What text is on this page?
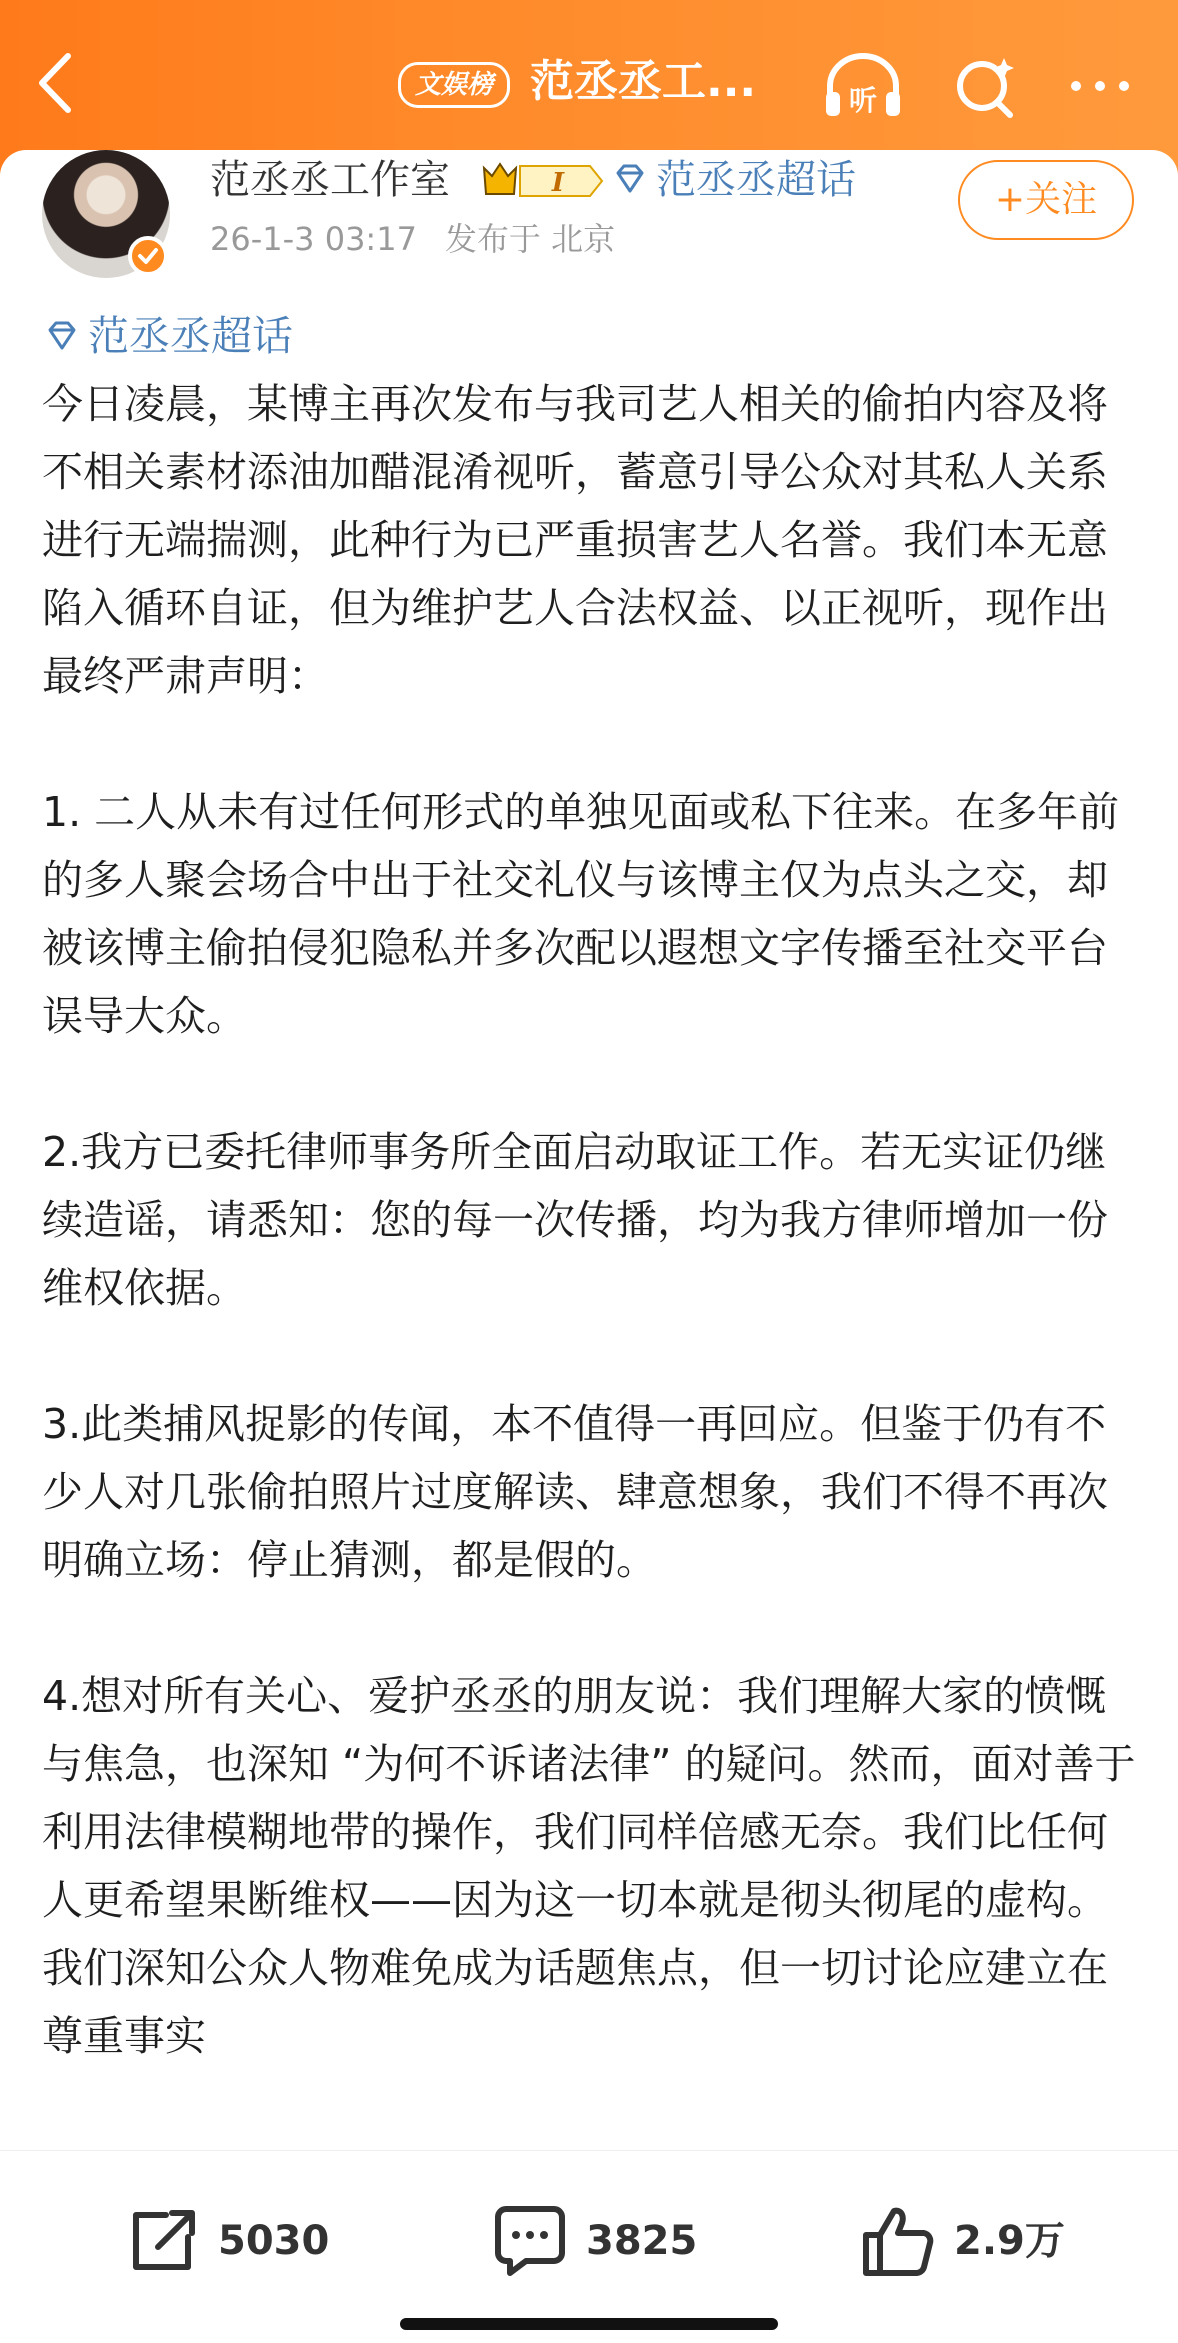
文娱榜 范丞丞工...	听
范丞丞工作室	I	范丞丞超话
26-1-3 03:17 发布于 北京
+关注

范丞丞超话

今日凌晨，某博主再次发布与我司艺人相关的偷拍内容及将不相关素材添油加醋混淆视听，蓄意引导公众对其私人关系进行无端揣测，此种行为已严重损害艺人名誉。我们本无意陷入循环自证，但为维护艺人合法权益、以正视听，现作出最终严肃声明：

1. 二人从未有过任何形式的单独见面或私下往来。在多年前的多人聚会场合中出于社交礼仪与该博主仅为点头之交，却被该博主偷拍侵犯隐私并多次配以遐想文字传播至社交平台误导大众。

2.我方已委托律师事务所全面启动取证工作。若无实证仍继续造谣，请悉知：您的每一次传播，均为我方律师增加一份维权依据。

3.此类捕风捉影的传闻，本不值得一再回应。但鉴于仍有不少人对几张偷拍照片过度解读、肆意想象，我们不得不再次明确立场：停止猜测，都是假的。

4.想对所有关心、爱护丞丞的朋友说：我们理解大家的愤慨与焦急，也深知 “为何不诉诸法律” 的疑问。然而，面对善于利用法律模糊地带的操作，我们同样倍感无奈。我们比任何人更希望果断维权——因为这一切本就是彻头彻尾的虚构。我们深知公众人物难免成为话题焦点，但一切讨论应建立在尊重事实

5030	3825	2.9万
